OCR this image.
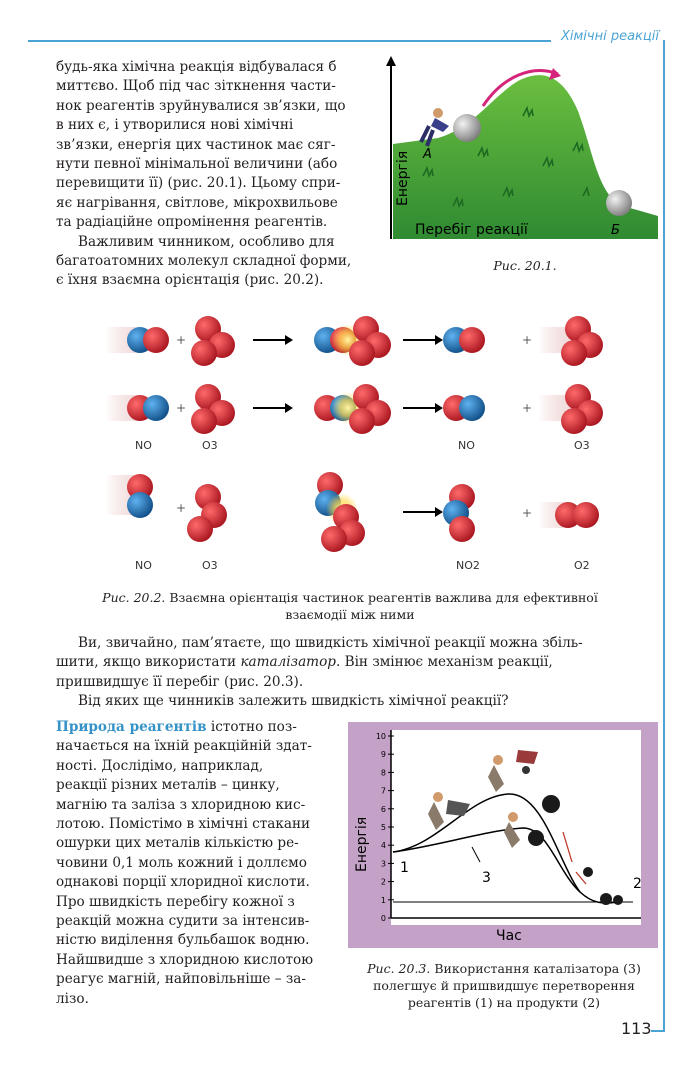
Хімічні реакції

будь-яка хімічна реакція відбувалася б

миттєво. Щоб під час зіткнення части-

нок реагентів зруйнувалися зв’язки, що

в них є, і утворилися нові хімічні

зв’язки, енергія цих частинок має сяг-

нути певної мінімальної величини (або

перевищити її) (рис. 20.1). Цьому спри-

яє нагрівання, світлове, мікрохвильове

та радіаційне опромінення реагентів.

Важливим чинником, особливо для

багатоатомних молекул складної форми,

є їхня взаємна орієнтація (рис. 20.2).

А
Б
Енергія
Перебіг реакції
Рис. 20.1.
+	+
+	+
NO	O3	NO	O3
+	+
NO	O3	NO2	O2
Рис. 20.2. Взаємна орієнтація частинок реагентів важлива для ефективної
взаємодії між ними

Ви, звичайно, пам’ятаєте, що швидкість хімічної реакції можна збіль-

шити, якщо використати каталізатор. Він змінює механізм реакції,

пришвидшує її перебіг (рис. 20.3).

Від яких ще чинників залежить швидкість хімічної реакції?

Природа реагентів істотно поз-

начається на їхній реакційній здат-

ності. Дослідімо, наприклад,

реакції різних металів – цинку,

магнію та заліза з хлоридною кис-

лотою. Помістімо в хімічні стакани

ошурки цих металів кількістю ре-

човини 0,1 моль кожний і доллємо

однакові порції хлоридної кислоти.

Про швидкість перебігу кожної з

реакцій можна судити за інтенсив-

ністю виділення бульбашок водню.

Найшвидше з хлоридною кислотою

реагує магній, найповільніше – за-

лізо.

10
9
8
7
6
5
4
3
2
1
0
Енергія
Час
1
3	2
Рис. 20.3. Використання каталізатора (3)
полегшує й пришвидшує перетворення
реагентів (1) на продукти (2)
113
